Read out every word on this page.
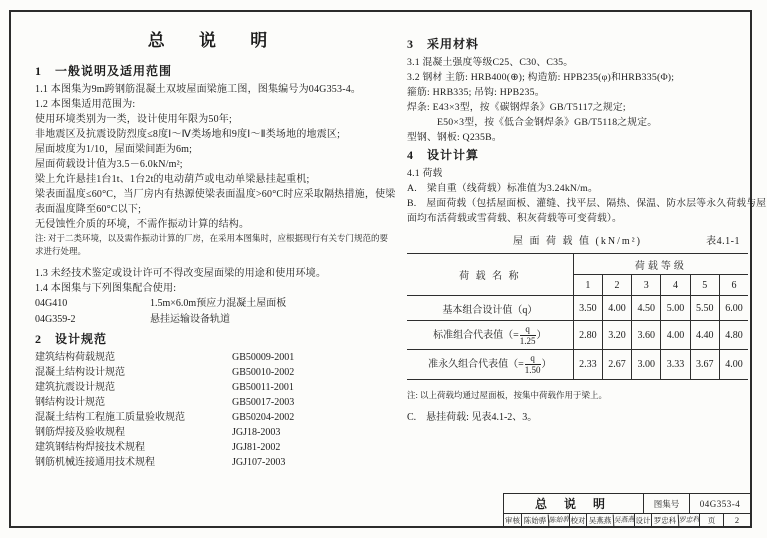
总 说 明
1　一般说明及适用范围
1.1 本图集为9m跨钢筋混凝土双坡屋面梁施工图，图集编号为04G353-4。
1.2 本图集适用范围为:
使用环境类别为一类，设计使用年限为50年;
非地震区及抗震设防烈度≤8度Ⅰ～Ⅳ类场地和9度Ⅰ～Ⅱ类场地的地震区;
屋面坡度为1/10，屋面梁间距为6m;
屋面荷载设计值为3.5－6.0kN/m²;
梁上允许悬挂1台1t、1台2t的电动葫芦或电动单梁悬挂起重机;
梁表面温度≤60°C，当厂房内有热源使梁表面温度>60°C时应采取隔热措施，使梁
表面温度降至60°C以下;
无侵蚀性介质的环境，不需作振动计算的结构。
注: 对于二类环境，以及需作振动计算的厂房，在采用本图集时，应根据现行有关专门规范的要
求进行处理。
1.3 未经技术鉴定或设计许可不得改变屋面梁的用途和使用环境。
1.4 本图集与下列图集配合使用:
04G410	1.5m×6.0m预应力混凝土屋面板
04G359-2	悬挂运输设备轨道
2　设计规范
建筑结构荷载规范	GB50009-2001
混凝土结构设计规范	GB50010-2002
建筑抗震设计规范	GB50011-2001
钢结构设计规范	GB50017-2003
混凝土结构工程施工质量验收规范	GB50204-2002
钢筋焊接及验收规程	JGJ18-2003
建筑钢结构焊接技术规程	JGJ81-2002
钢筋机械连接通用技术规程	JGJ107-2003
3　采用材料
3.1 混凝土强度等级C25、C30、C35。
3.2 钢材 主筋: HRB400(⊕); 构造筋: HPB235(φ)和HRB335(Φ);
箍筋: HRB335; 吊钩: HPB235。
焊条: E43×3型，按《碳钢焊条》GB/T5117之规定;
　　　E50×3型，按《低合金钢焊条》GB/T5118之规定。
型钢、钢板: Q235B。
4　设计计算
4.1 荷载
A.　梁自重（线荷载）标准值为3.24kN/m。
B.　屋面荷载（包括屋面板、灌缝、找平层、隔热、保温、防水层等永久荷载与屋
面均布活荷载或雪荷载、积灰荷载等可变荷载）。
屋 面 荷 载 值 (kN/m²)	表4.1-1
荷 载 名 称	荷载等级					
	1	2	3	4	5	6
基本组合设计值（q）	3.50	4.00	4.50	5.00	5.50	6.00
标准组合代表值（= $\frac{q}{1.25}$ ）	2.80	3.20	3.60	4.00	4.40	4.80
准永久组合代表值（= $\frac{q}{1.50}$ ）	2.33	2.67	3.00	3.33	3.67	4.00
注: 以上荷载均通过屋面板，按集中荷载作用于梁上。
C.　悬挂荷载: 见表4.1-2、3。
总 说 明	图集号	04G353-4
审核 陈始骅 陈始骅 校对 吴燕燕 吴燕燕 设计 罗忠科 罗忠科	页	2
